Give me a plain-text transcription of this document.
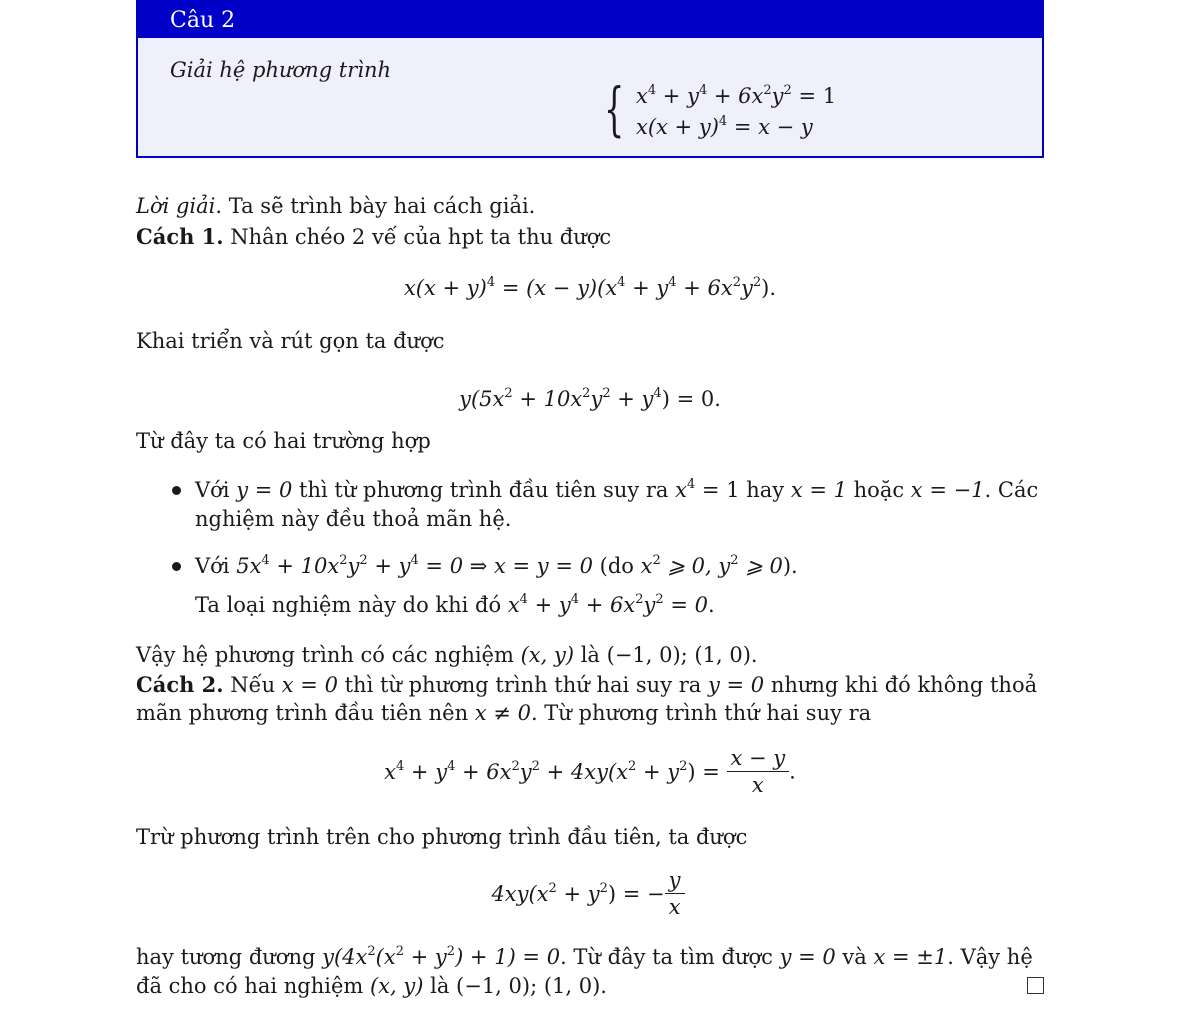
Câu 2
Giải hệ phương trình
{ $x^4 + y^4 + 6x^2y^2 = 1$
$x(x + y)^4 = x - y$
Lời giải. Ta sẽ trình bày hai cách giải.
Cách 1. Nhân chéo 2 vế của hpt ta thu được
$x(x + y)^4 = (x - y)(x^4 + y^4 + 6x^2y^2)$.
Khai triển và rút gọn ta được
$y(5x^2 + 10x^2y^2 + y^4) = 0$.
Từ đây ta có hai trường hợp
Với y = 0 thì từ phương trình đầu tiên suy ra $x^4 = 1$ hay x = 1 hoặc x = −1. Các
nghiệm này đều thoả mãn hệ.
Với $5x^4 + 10x^2y^2 + y^4 = 0$ ⇒ x = y = 0 (do $x^2$ ⩾ 0, $y^2$ ⩾ 0).
Ta loại nghiệm này do khi đó $x^4 + y^4 + 6x^2y^2 = 0$.
Vậy hệ phương trình có các nghiệm (x, y) là (−1, 0); (1, 0).
Cách 2. Nếu x = 0 thì từ phương trình thứ hai suy ra y = 0 nhưng khi đó không thoả
mãn phương trình đầu tiên nên x ≠ 0. Từ phương trình thứ hai suy ra
$x^4 + y^4 + 6x^2y^2 + 4xy(x^2 + y^2) = \frac{x - y}{x}$ .
Trừ phương trình trên cho phương trình đầu tiên, ta được
$4xy(x^2 + y^2)$ = − $\frac{y}{x}$
hay tương đương $y(4x^2(x^2 + y^2) + 1) = 0$. Từ đây ta tìm được y = 0 và x = ±1. Vậy hệ
đã cho có hai nghiệm (x, y) là (−1, 0); (1, 0).
